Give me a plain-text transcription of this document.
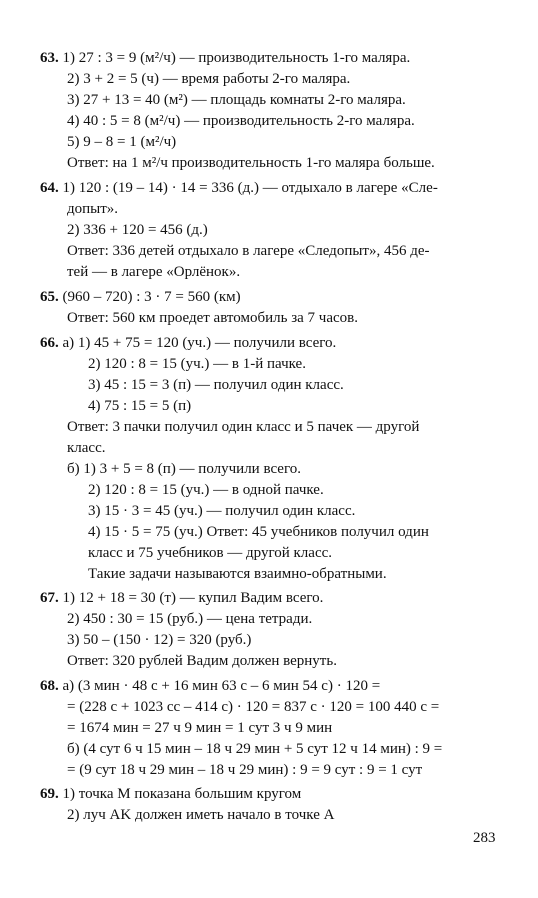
63. 1) 27 : 3 = 9 (м²/ч) — производительность 1-го маляра.
2) 3 + 2 = 5 (ч) — время работы 2-го маляра.
3) 27 + 13 = 40 (м²) — площадь комнаты 2-го маляра.
4) 40 : 5 = 8 (м²/ч) — производительность 2-го маляра.
5) 9 – 8 = 1 (м²/ч)
Ответ: на 1 м²/ч производительность 1-го маляра больше.
64. 1) 120 : (19 – 14) · 14 = 336 (д.) — отдыхало в лагере «Сле-
допыт».
2) 336 + 120 = 456 (д.)
Ответ: 336 детей отдыхало в лагере «Следопыт», 456 де-
тей — в лагере «Орлёнок».
65. (960 – 720) : 3 · 7 = 560 (км)
Ответ: 560 км проедет автомобиль за 7 часов.
66. а) 1) 45 + 75 = 120 (уч.) — получили всего.
2) 120 : 8 = 15 (уч.) — в 1-й пачке.
3) 45 : 15 = 3 (п) — получил один класс.
4) 75 : 15 = 5 (п)
Ответ: 3 пачки получил один класс и 5 пачек — другой
класс.
б) 1) 3 + 5 = 8 (п) — получили всего.
2) 120 : 8 = 15 (уч.) — в одной пачке.
3) 15 · 3 = 45 (уч.) — получил один класс.
4) 15 · 5 = 75 (уч.) Ответ: 45 учебников получил один
класс и 75 учебников — другой класс.
Такие задачи называются взаимно-обратными.
67. 1) 12 + 18 = 30 (т) — купил Вадим всего.
2) 450 : 30 = 15 (руб.) — цена тетради.
3) 50 – (150 · 12) = 320 (руб.)
Ответ: 320 рублей Вадим должен вернуть.
68. а) (3 мин · 48 с + 16 мин 63 с – 6 мин 54 с) · 120 =
= (228 с + 1023 сс – 414 с) · 120 = 837 с · 120 = 100 440 с =
= 1674 мин = 27 ч 9 мин = 1 сут 3 ч 9 мин
б) (4 сут 6 ч 15 мин – 18 ч 29 мин + 5 сут 12 ч 14 мин) : 9 =
= (9 сут 18 ч 29 мин – 18 ч 29 мин) : 9 = 9 сут : 9 = 1 сут
69. 1) точка M показана большим кругом
2) луч AK должен иметь начало в точке A
283
